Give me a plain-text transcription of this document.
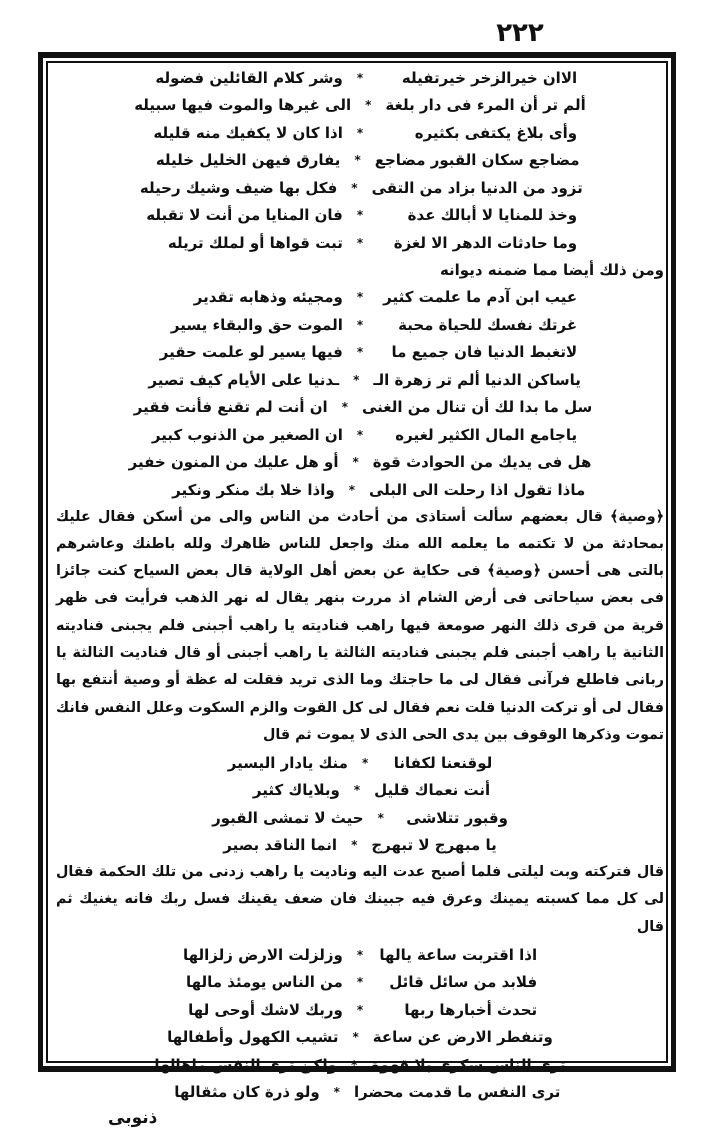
٢٢٢
الاان خيرالزخر خيرتفيله
*
وشر كلام القائلين فضوله
ألم تر أن المرء فى دار بلغة
*
الى غيرها والموت فيها سبيله
وأى بلاغ يكتفى بكثيره
*
اذا كان لا يكفيك منه قليله
مضاجع سكان القبور مضاجع
*
يفارق فيهن الخليل خليله
تزود من الدنيا بزاد من التقى
*
فكل بها ضيف وشيك رحيله
وخذ للمنايا لا أبالك عدة
*
فان المنايا من أنت لا تقبله
وما حادثات الدهر الا لغزة
*
تبت قواها أو لملك تريله
ومن ذلك أيضا مما ضمنه ديوانه
عيب ابن آدم ما علمت كثير
*
ومجيئه وذهابه تقدير
غرتك نفسك للحياة محبة
*
الموت حق والبقاء يسير
لاتغبط الدنيا فان جميع ما
*
فيها يسير لو علمت حقير
ياساكن الدنيا ألم تر زهرة الـ
*
ـدنيا على الأيام كيف تصير
سل ما بدا لك أن تنال من الغنى
*
ان أنت لم تقنع فأنت فقير
ياجامع المال الكثير لغيره
*
ان الصغير من الذنوب كبير
هل فى يديك من الحوادث قوة
*
أو هل عليك من المنون خفير
ماذا تقول اذا رحلت الى البلى
*
واذا خلا بك منكر ونكير
﴿وصية﴾ قال بعضهم سألت أستاذى من أحادث من الناس والى من أسكن فقال عليك بمحادثة من لا تكتمه ما يعلمه الله منك واجعل للناس ظاهرك ولله باطنك وعاشرهم بالتى هى أحسن ﴿وصية﴾ فى حكاية عن بعض أهل الولاية قال بعض السياح كنت جائزا فى بعض سياحاتى فى أرض الشام اذ مررت بنهر يقال له نهر الذهب فرأيت فى ظهر قرية من قرى ذلك النهر صومعة فيها راهب فناديته يا راهب أجبنى فلم يجبنى فناديته الثانية يا راهب أجبنى فلم يجبنى فناديته الثالثة يا راهب أجبنى أو قال فناديت الثالثة يا ربانى فاطلع فرآنى فقال لى ما حاجتك وما الذى تريد فقلت له عظة أو وصية أنتفع بها فقال لى أو تركت الدنيا قلت نعم فقال لى كل القوت والزم السكوت وعلل النفس فانك تموت وذكرها الوقوف بين يدى الحى الذى لا يموت ثم قال
لوقنعنا لكفانا
*
منك يادار اليسير
أنت نعماك قليل
*
وبلاياك كثير
وقبور تتلاشى
*
حيث لا تمشى القبور
يا مبهرج لا تبهرج
*
انما الناقد بصير
قال فتركته وبت ليلتى فلما أصبح عدت اليه وناديت يا راهب زدنى من تلك الحكمة فقال لى كل مما كسبته يمينك وعرق فيه جبينك فان ضعف يقينك فسل ربك فانه يغنيك ثم قال
اذا اقتربت ساعة يالها
*
وزلزلت الارض زلزالها
فلابد من سائل قائل
*
من الناس يومئذ مالها
تحدث أخبارها ربها
*
وربك لاشك أوحى لها
وتنفطر الارض عن ساعة
*
تشيب الكهول وأطفالها
ترى الناس سكرى بلا قهوة
*
ولكن ترى النفس ماهالها
ترى النفس ما قدمت محضرا
*
ولو ذرة كان مثقالها
ذنوبى
